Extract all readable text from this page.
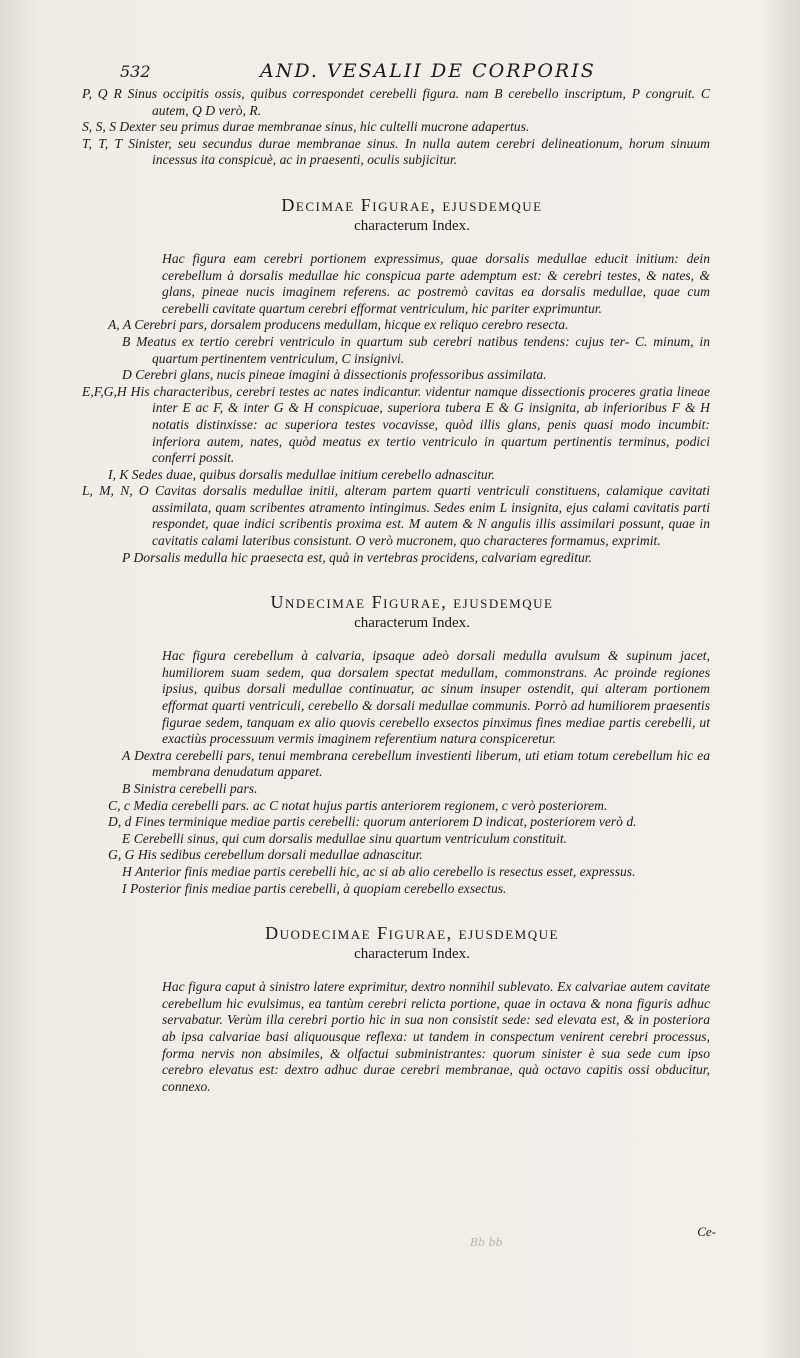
532	AND. VESALII DE CORPORIS

P, Q R Sinus occipitis ossis, quibus correspondet cerebelli figura. nam B cerebello inscriptum, P congruit. C autem, Q D verò, R.

S, S, S Dexter seu primus durae membranae sinus, hic cultelli mucrone adapertus.

T, T, T Sinister, seu secundus durae membranae sinus. In nulla autem cerebri delineationum, horum sinuum incessus ita conspicuè, ac in praesenti, oculis subjicitur.

Decimae Figurae, ejusdemque
characterum Index.

Hac figura eam cerebri portionem expressimus, quae dorsalis medullae educit initium: dein cerebellum à dorsalis medullae hic conspicua parte ademptum est: & cerebri testes, & nates, & glans, pineae nucis imaginem referens. ac postremò cavitas ea dorsalis medullae, quae cum cerebelli cavitate quartum cerebri efformat ventriculum, hic pariter exprimuntur.

A, A Cerebri pars, dorsalem producens medullam, hicque ex reliquo cerebro resecta.

B Meatus ex tertio cerebri ventriculo in quartum sub cerebri natibus tendens: cujus ter- C. minum, in quartum pertinentem ventriculum, C insignivi.

D Cerebri glans, nucis pineae imagini à dissectionis professoribus assimilata.

E,F,G,H His characteribus, cerebri testes ac nates indicantur. videntur namque dissectionis proceres gratia lineae inter E ac F, & inter G & H conspicuae, superiora tubera E & G insignita, ab inferioribus F & H notatis distinxisse: ac superiora testes vocavisse, quòd illis glans, penis quasi modo incumbit: inferiora autem, nates, quòd meatus ex tertio ventriculo in quartum pertinentis terminus, podici conferri possit.

I, K Sedes duae, quibus dorsalis medullae initium cerebello adnascitur.

L, M, N, O Cavitas dorsalis medullae initii, alteram partem quarti ventriculi constituens, calamique cavitati assimilata, quam scribentes atramento intingimus. Sedes enim L insignita, ejus calami cavitatis parti respondet, quae indici scribentis proxima est. M autem & N angulis illis assimilari possunt, quae in cavitatis calami lateribus consistunt. O verò mucronem, quo characteres formamus, exprimit.

P Dorsalis medulla hic praesecta est, quà in vertebras procidens, calvariam egreditur.

Undecimae Figurae, ejusdemque
characterum Index.

Hac figura cerebellum à calvaria, ipsaque adeò dorsali medulla avulsum & supinum jacet, humiliorem suam sedem, qua dorsalem spectat medullam, commonstrans. Ac proinde regiones ipsius, quibus dorsali medullae continuatur, ac sinum insuper ostendit, qui alteram portionem efformat quarti ventriculi, cerebello & dorsali medullae communis. Porrò ad humiliorem praesentis figurae sedem, tanquam ex alio quovis cerebello exsectos pinximus fines mediae partis cerebelli, ut exactiùs processuum vermis imaginem referentium natura conspiceretur.

A Dextra cerebelli pars, tenui membrana cerebellum investienti liberum, uti etiam totum cerebellum hic ea membrana denudatum apparet.

B Sinistra cerebelli pars.

C, c Media cerebelli pars. ac C notat hujus partis anteriorem regionem, c verò posteriorem.

D, d Fines terminique mediae partis cerebelli: quorum anteriorem D indicat, posteriorem verò d.

E Cerebelli sinus, qui cum dorsalis medullae sinu quartum ventriculum constituit.

G, G His sedibus cerebellum dorsali medullae adnascitur.

H Anterior finis mediae partis cerebelli hic, ac si ab alio cerebello is resectus esset, expressus.

I Posterior finis mediae partis cerebelli, à quopiam cerebello exsectus.

Duodecimae Figurae, ejusdemque
characterum Index.

Hac figura caput à sinistro latere exprimitur, dextro nonnihil sublevato. Ex calvariae autem cavitate cerebellum hic evulsimus, ea tantùm cerebri relicta portione, quae in octava & nona figuris adhuc servabatur. Verùm illa cerebri portio hic in sua non consistit sede: sed elevata est, & in posteriora ab ipsa calvariae basi aliquousque reflexa: ut tandem in conspectum venirent cerebri processus, forma nervis non absimiles, & olfactui subministrantes: quorum sinister è sua sede cum ipso cerebro elevatus est: dextro adhuc durae cerebri membranae, quà octavo capitis ossi obducitur, connexo.

Bb bb
Ce-
